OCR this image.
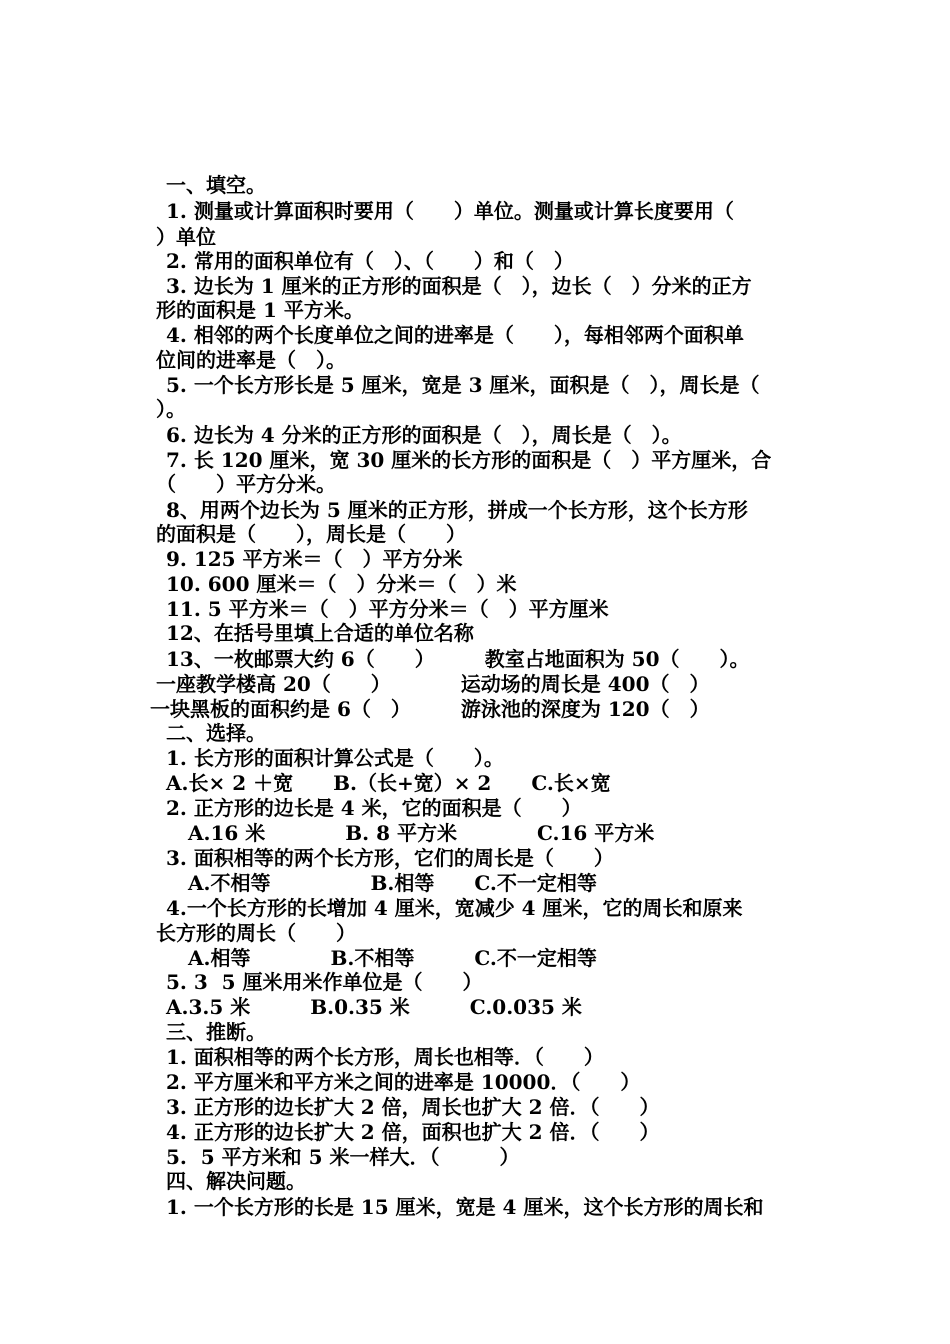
一、填空。
1. 测量或计算面积时要用（　　）单位。测量或计算长度要用（
）单位
2. 常用的面积单位有（　）、（　　）和（　）
3. 边长为 1 厘米的正方形的面积是（　），边长（　）分米的正方
形的面积是 1 平方米。
4. 相邻的两个长度单位之间的进率是（　　），每相邻两个面积单
位间的进率是（　）。
5. 一个长方形长是 5 厘米，宽是 3 厘米，面积是（　），周长是（
）。
6. 边长为 4 分米的正方形的面积是（　），周长是（　）。
7. 长 120 厘米，宽 30 厘米的长方形的面积是（　）平方厘米，合
（　　）平方分米。
8、用两个边长为 5 厘米的正方形，拼成一个长方形，这个长方形
的面积是（　　），周长是（　　）
9. 125 平方米＝（　）平方分米
10. 600 厘米＝（　）分米＝（　）米
11. 5 平方米＝（　）平方分米＝（　）平方厘米
12、在括号里填上合适的单位名称
13、一枚邮票大约 6（　　）　　　教室占地面积为 50（　　）。
一座教学楼高 20（　　）　　　　运动场的周长是 400（　）
一块黑板的面积约是 6（　）　　　游泳池的深度为 120（　）
二、选择。
1. 长方形的面积计算公式是（　　）。
A.长× 2 ＋宽　　B.（长+宽）× 2　　C.长×宽
2. 正方形的边长是 4 米，它的面积是（　　）
A.16 米　　　　B. 8 平方米　　　　C.16 平方米
3. 面积相等的两个长方形，它们的周长是（　　）
A.不相等　　　　　B.相等　　C.不一定相等
4.一个长方形的长增加 4 厘米，宽减少 4 厘米，它的周长和原来
长方形的周长（　　）
A.相等　　　　B.不相等　　　C.不一定相等
5. 3  5 厘米用米作单位是（　　）
A.3.5 米　　　B.0.35 米　　　C.0.035 米
三、推断。
1. 面积相等的两个长方形，周长也相等．（　　）
2. 平方厘米和平方米之间的进率是 10000．（　　）
3. 正方形的边长扩大 2 倍，周长也扩大 2 倍．（　　）
4. 正方形的边长扩大 2 倍，面积也扩大 2 倍．（　　）
5.  5 平方米和 5 米一样大．（　　　）
四、解决问题。
1. 一个长方形的长是 15 厘米，宽是 4 厘米，这个长方形的周长和
